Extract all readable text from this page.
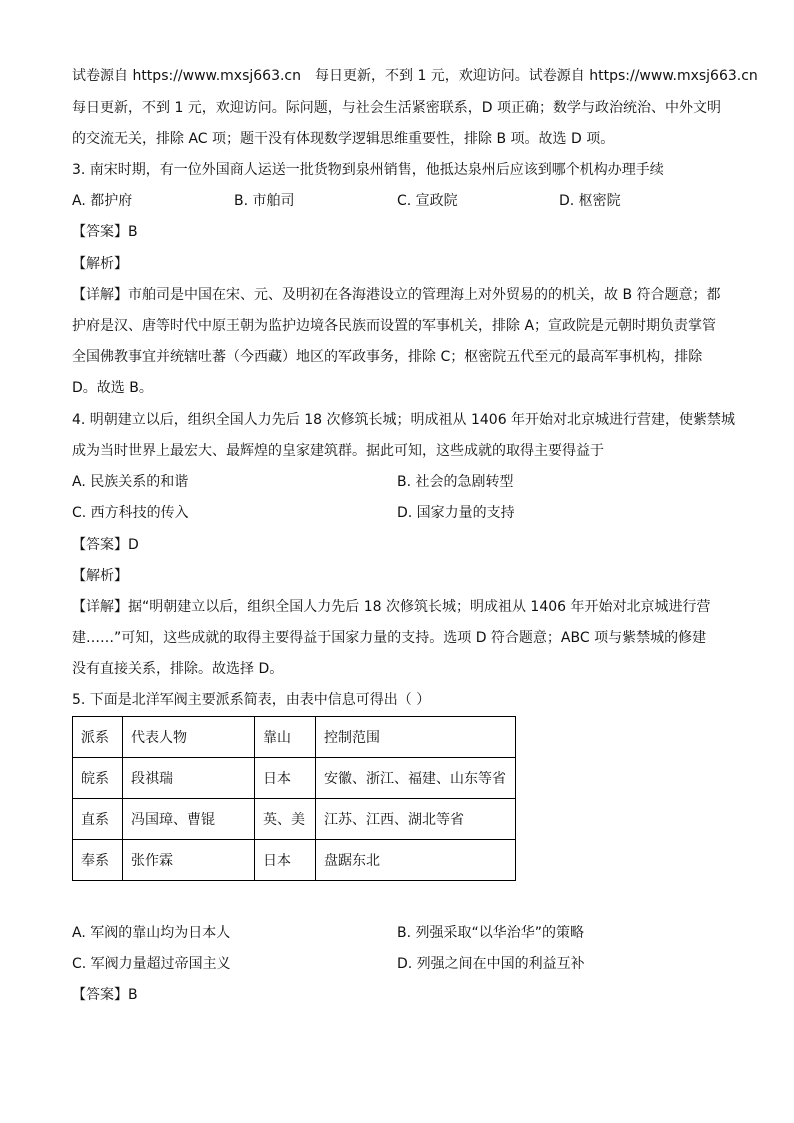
试卷源自 https://www.mxsj663.cn　每日更新，不到 1 元，欢迎访问。试卷源自 https://www.mxsj663.cn
每日更新，不到 1 元，欢迎访问。际问题，与社会生活紧密联系，D 项正确；数学与政治统治、中外文明
的交流无关，排除 AC 项；题干没有体现数学逻辑思维重要性，排除 B 项。故选 D 项。
3. 南宋时期，有一位外国商人运送一批货物到泉州销售，他抵达泉州后应该到哪个机构办理手续
A. 都护府	B. 市舶司	C. 宣政院	D. 枢密院
【答案】B
【解析】
【详解】市舶司是中国在宋、元、及明初在各海港设立的管理海上对外贸易的的机关，故 B 符合题意；都
护府是汉、唐等时代中原王朝为监护边境各民族而设置的军事机关，排除 A；宣政院是元朝时期负责掌管
全国佛教事宜并统辖吐蕃（今西藏）地区的军政事务，排除 C；枢密院五代至元的最高军事机构，排除
D。故选 B。
4. 明朝建立以后，组织全国人力先后 18 次修筑长城；明成祖从 1406 年开始对北京城进行营建，使紫禁城
成为当时世界上最宏大、最辉煌的皇家建筑群。据此可知，这些成就的取得主要得益于
A. 民族关系的和谐	B. 社会的急剧转型
C. 西方科技的传入	D. 国家力量的支持
【答案】D
【解析】
【详解】据“明朝建立以后，组织全国人力先后 18 次修筑长城；明成祖从 1406 年开始对北京城进行营
建……”可知，这些成就的取得主要得益于国家力量的支持。选项 D 符合题意；ABC 项与紫禁城的修建
没有直接关系，排除。故选择 D。
5. 下面是北洋军阀主要派系简表，由表中信息可得出（ ）
派系	代表人物	靠山	控制范围
皖系	段祺瑞	日本	安徽、浙江、福建、山东等省
直系	冯国璋、曹锟	英、美	江苏、江西、湖北等省
奉系	张作霖	日本	盘踞东北
A. 军阀的靠山均为日本人	B. 列强采取“以华治华”的策略
C. 军阀力量超过帝国主义	D. 列强之间在中国的利益互补
【答案】B
